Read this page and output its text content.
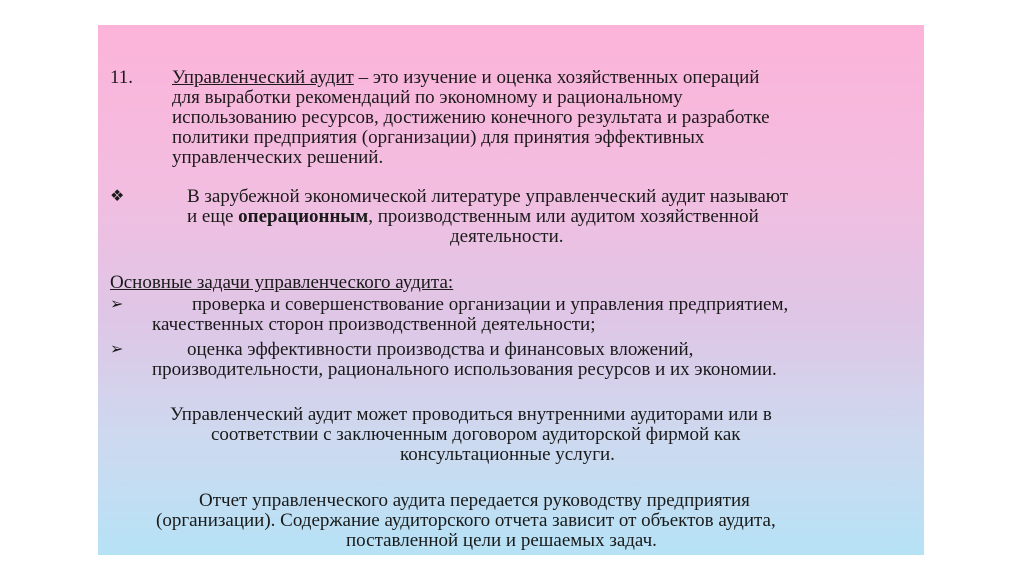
11. Управленческий аудит – это изучение и оценка хозяйственных операций
для выработки рекомендаций по экономному и рациональному
использованию ресурсов, достижению конечного результата и разработке
политики предприятия (организации) для принятия эффективных
управленческих решений.
❖	В зарубежной экономической литературе управленческий аудит называют
и еще операционным, производственным или аудитом хозяйственной
деятельности.
Основные задачи управленческого аудита:
➢	проверка и совершенствование организации и управления предприятием,
качественных сторон производственной деятельности;
➢	оценка эффективности производства и финансовых вложений,
производительности, рационального использования ресурсов и их экономии.
Управленческий аудит может проводиться внутренними аудиторами или в
соответствии с заключенным договором аудиторской фирмой как
консультационные услуги.
Отчет управленческого аудита передается руководству предприятия
(организации). Содержание аудиторского отчета зависит от объектов аудита,
поставленной цели и решаемых задач.
